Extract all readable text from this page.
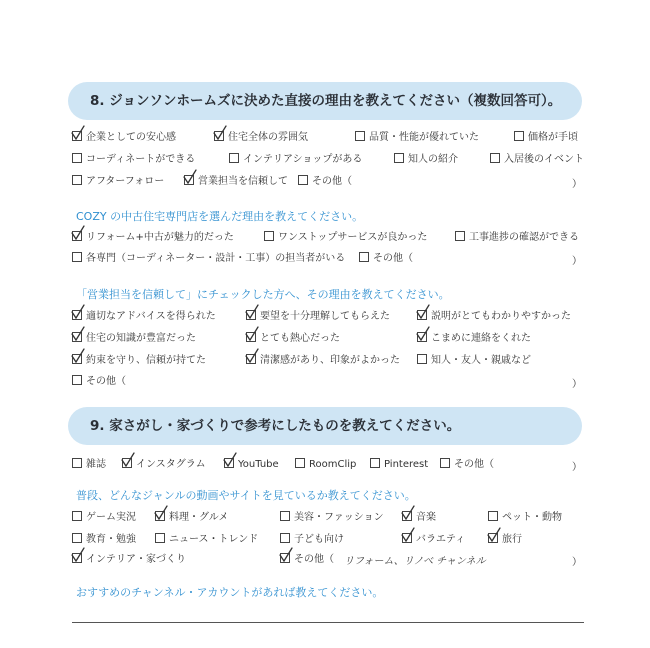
8. ジョンソンホームズに決めた直接の理由を教えてください（複数回答可）。
企業としての安心感	住宅全体の雰囲気	品質・性能が優れていた	価格が手頃
コーディネートができる	インテリアショップがある	知人の紹介	入居後のイベント
アフターフォロー	営業担当を信頼して	その他（	）
COZY の中古住宅専門店を選んだ理由を教えてください。
リフォーム+中古が魅力的だった	ワンストップサービスが良かった	工事進捗の確認ができる
各専門（コーディネーター・設計・工事）の担当者がいる	その他（	）
「営業担当を信頼して」にチェックした方へ、その理由を教えてください。
適切なアドバイスを得られた	要望を十分理解してもらえた	説明がとてもわかりやすかった
住宅の知識が豊富だった	とても熱心だった	こまめに連絡をくれた
約束を守り、信頼が持てた	清潔感があり、印象がよかった	知人・友人・親戚など
その他（	）
9. 家さがし・家づくりで参考にしたものを教えてください。
雑誌	インスタグラム	YouTube	RoomClip	Pinterest	その他（	）
普段、どんなジャンルの動画やサイトを見ているか教えてください。
ゲーム実況	料理・グルメ	美容・ファッション	音楽	ペット・動物
教育・勉強	ニュース・トレンド	子ども向け	バラエティ	旅行
インテリア・家づくり	その他（ リフォーム、リノベ チャンネル	）
おすすめのチャンネル・アカウントがあれば教えてください。
